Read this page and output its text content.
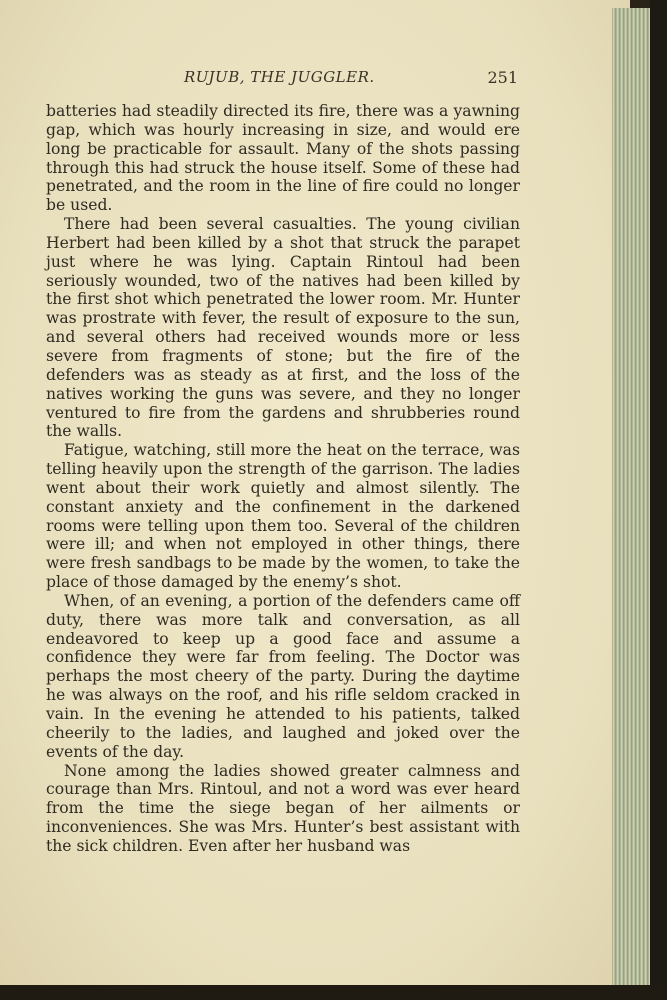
RUJUB, THE JUGGLER.	251

batteries had steadily directed its fire, there was a yawning gap, which was hourly increasing in size, and would ere long be practicable for assault. Many of the shots passing through this had struck the house itself. Some of these had penetrated, and the room in the line of fire could no longer be used.

There had been several casualties. The young civilian Herbert had been killed by a shot that struck the parapet just where he was lying. Captain Rintoul had been seriously wounded, two of the natives had been killed by the first shot which penetrated the lower room. Mr. Hunter was prostrate with fever, the result of exposure to the sun, and several others had received wounds more or less severe from fragments of stone; but the fire of the defenders was as steady as at first, and the loss of the natives working the guns was severe, and they no longer ventured to fire from the gardens and shrubberies round the walls.

Fatigue, watching, still more the heat on the terrace, was telling heavily upon the strength of the garrison. The ladies went about their work quietly and almost silently. The constant anxiety and the confinement in the darkened rooms were telling upon them too. Several of the children were ill; and when not employed in other things, there were fresh sandbags to be made by the women, to take the place of those damaged by the enemy’s shot.

When, of an evening, a portion of the defenders came off duty, there was more talk and conversation, as all endeavored to keep up a good face and assume a confidence they were far from feeling. The Doctor was perhaps the most cheery of the party. During the daytime he was always on the roof, and his rifle seldom cracked in vain. In the evening he attended to his patients, talked cheerily to the ladies, and laughed and joked over the events of the day.

None among the ladies showed greater calmness and courage than Mrs. Rintoul, and not a word was ever heard from the time the siege began of her ailments or inconveniences. She was Mrs. Hunter’s best assistant with the sick children. Even after her husband was
